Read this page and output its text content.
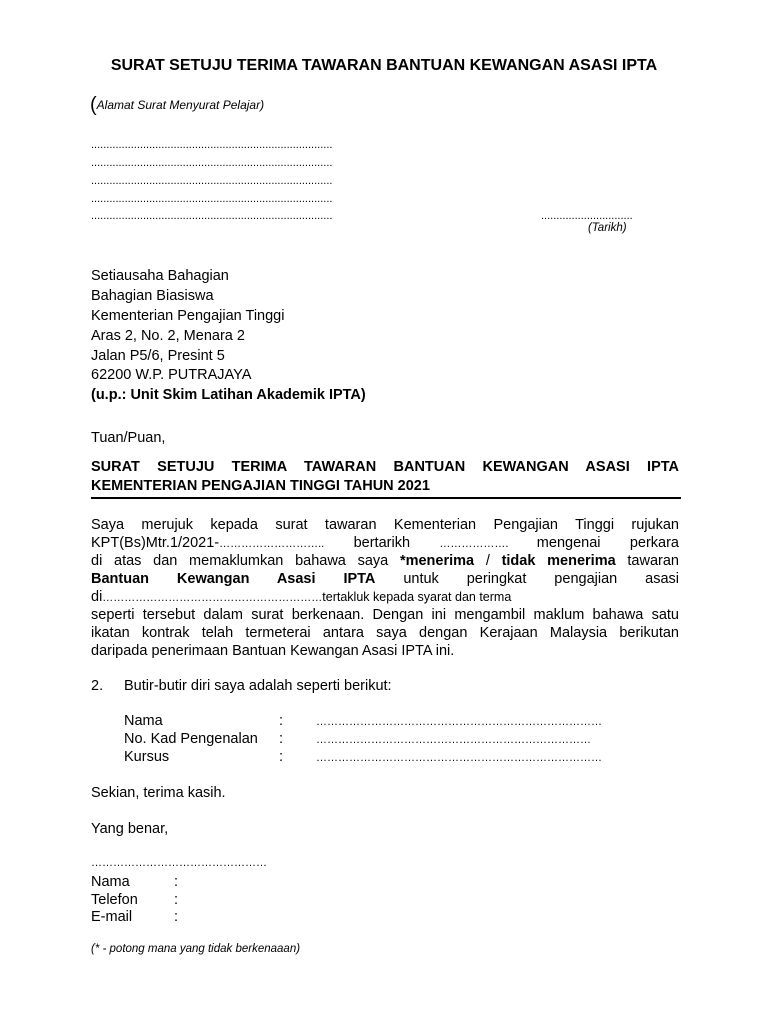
SURAT SETUJU TERIMA TAWARAN BANTUAN KEWANGAN ASASI IPTA
(Alamat Surat Menyurat Pelajar)
...............................................................................
...............................................................................
...............................................................................
...............................................................................
...............................................................................	..............................
(Tarikh)
Setiausaha Bahagian
Bahagian Biasiswa
Kementerian Pengajian Tinggi
Aras 2, No. 2, Menara 2
Jalan P5/6, Presint 5
62200 W.P. PUTRAJAYA
(u.p.: Unit Skim Latihan Akademik IPTA)
Tuan/Puan,
SURAT SETUJU TERIMA TAWARAN BANTUAN KEWANGAN ASASI IPTA
KEMENTERIAN PENGAJIAN TINGGI TAHUN 2021
Saya merujuk kepada surat tawaran Kementerian Pengajian Tinggi rujukan
KPT(Bs)Mtr.1/2021-……………………….. bertarikh ………………. mengenai perkara
di atas dan memaklumkan bahawa saya *menerima / tidak menerima tawaran
Bantuan Kewangan Asasi IPTA untuk peringkat pengajian asasi
di……………………………………………………tertakluk kepada syarat dan terma
seperti tersebut dalam surat berkenaan. Dengan ini mengambil maklum bahawa satu
ikatan kontrak telah termeterai antara saya dengan Kerajaan Malaysia berikutan
daripada penerimaan Bantuan Kewangan Asasi IPTA ini.
2. Butir-butir diri saya adalah seperti berikut:
Nama	:	……………………………………………………………………
No. Kad Pengenalan :	…………………………………………………………………
Kursus	:	……………………………………………………………………
Sekian, terima kasih.
Yang benar,
…………………………………………
Nama	:
Telefon :
E-mail	:
(* - potong mana yang tidak berkenaaan)
